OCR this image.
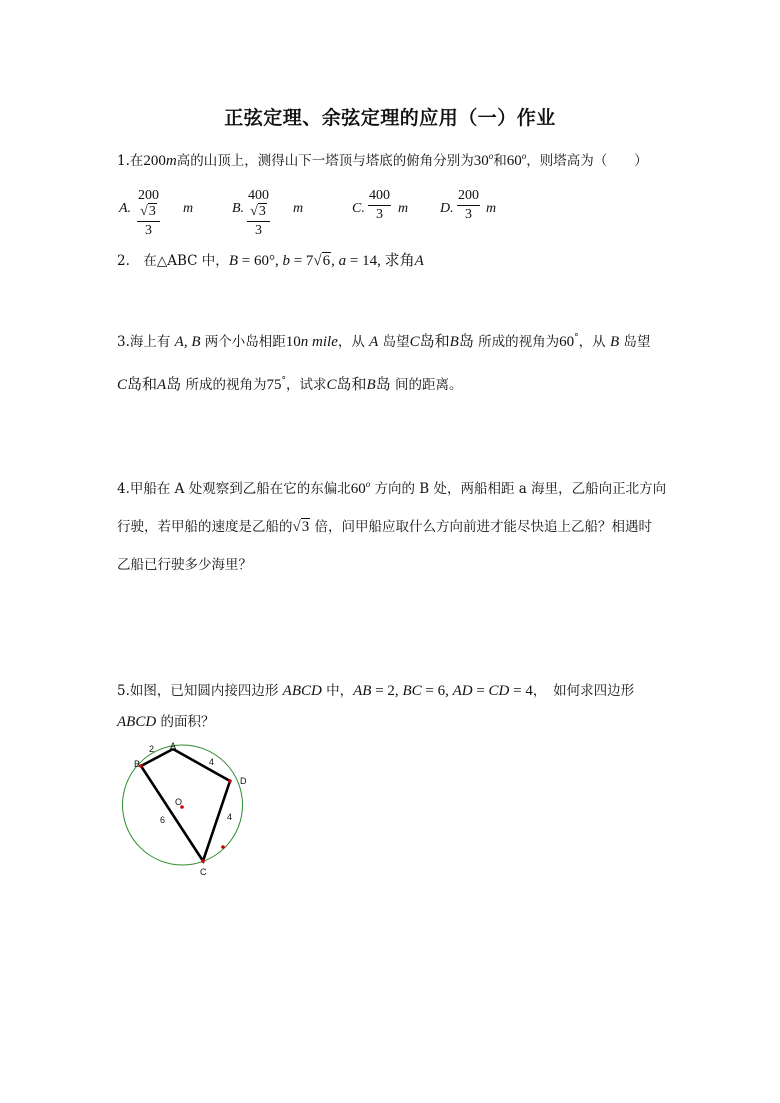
正弦定理、余弦定理的应用（一）作业
1.在200m高的山顶上，测得山下一塔顶与塔底的俯角分别为30$^o$和60$^o$，则塔高为（　　）
A. $\frac{200√3}{3}$ m	B. $\frac{400√3}{3}$ m	C. $\frac{400}{3}$ m D. $\frac{200}{3}$ m
2.　在△ABC 中，B = 60°, b = 7√6, a = 14, 求角A
3.海上有 A, B 两个小岛相距10n mile，从 A 岛望C岛和B岛 所成的视角为60°，从 B 岛望
C岛和A岛 所成的视角为75°，试求C岛和B岛 间的距离。
4.甲船在 A 处观察到乙船在它的东偏北60$^o$ 方向的 B 处，两船相距 a 海里，乙船向正北方向
行驶，若甲船的速度是乙船的√3 倍，问甲船应取什么方向前进才能尽快追上乙船？相遇时
乙船已行驶多少海里？
5.如图，已知圆内接四边形 ABCD 中，AB = 2, BC = 6, AD = CD = 4，　如何求四边形
ABCD 的面积？
A
B
C
D
O
2
4
6	4
